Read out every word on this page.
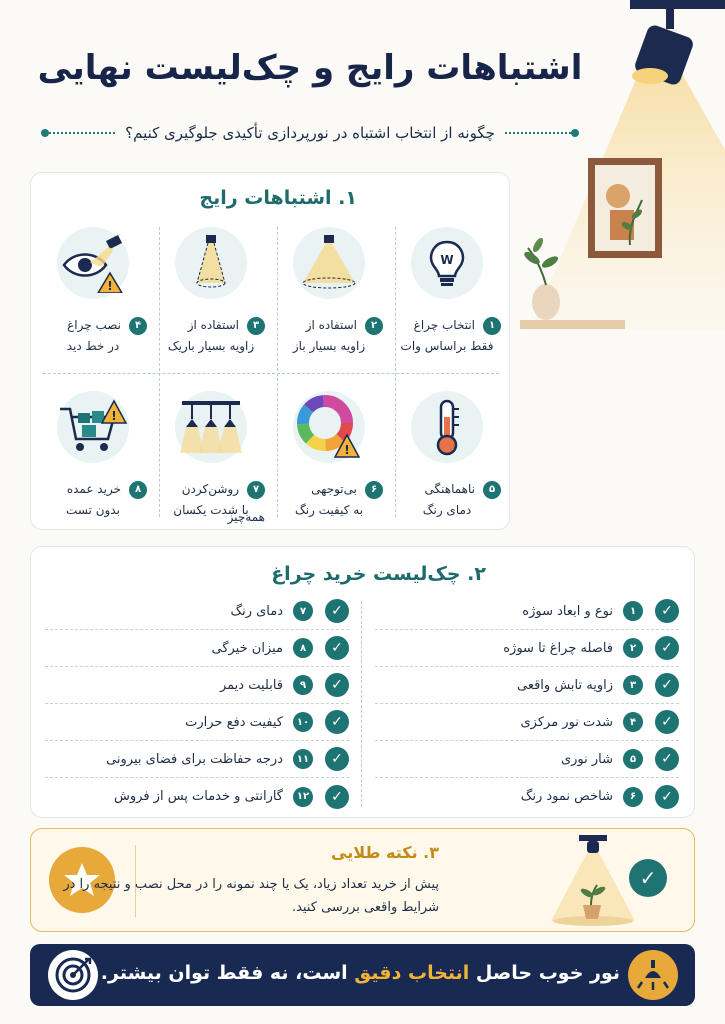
اشتباهات رایج و چک‌لیست نهایی
چگونه از انتخاب اشتباه در نورپردازی تأکیدی جلوگیری کنیم؟
۱. اشتباهات رایج
W
۱انتخاب چراغ
فقط براساس وات
۲استفاده از
زاویه بسیار باز
۳استفاده از
زاویه بسیار باریک
!
۴نصب چراغ
در خط دید
۵ناهماهنگی
دمای رنگ
!
۶بی‌توجهی
به کیفیت رنگ
۷روشن‌کردن همه‌چیز
با شدت یکسان
!
۸خرید عمده
بدون تست
۲. چک‌لیست خرید چراغ
✓
۱
نوع و ابعاد سوژه
✓
۲
فاصله چراغ تا سوژه
✓
۳
زاویه تابش واقعی
✓
۴
شدت نور مرکزی
✓
۵
شار نوری
✓
۶
شاخص نمود رنگ
✓
۷
دمای رنگ
✓
۸
میزان خیرگی
✓
۹
قابلیت دیمر
✓
۱۰
کیفیت دفع حرارت
✓
۱۱
درجه حفاظت برای فضای بیرونی
✓
۱۲
گارانتی و خدمات پس از فروش
۳. نکته طلایی
پیش از خرید تعداد زیاد، یک یا چند نمونه را در محل نصب و نتیجه را در شرایط واقعی بررسی کنید.
✓
نور خوب حاصل انتخاب دقیق است، نه فقط توان بیشتر.
